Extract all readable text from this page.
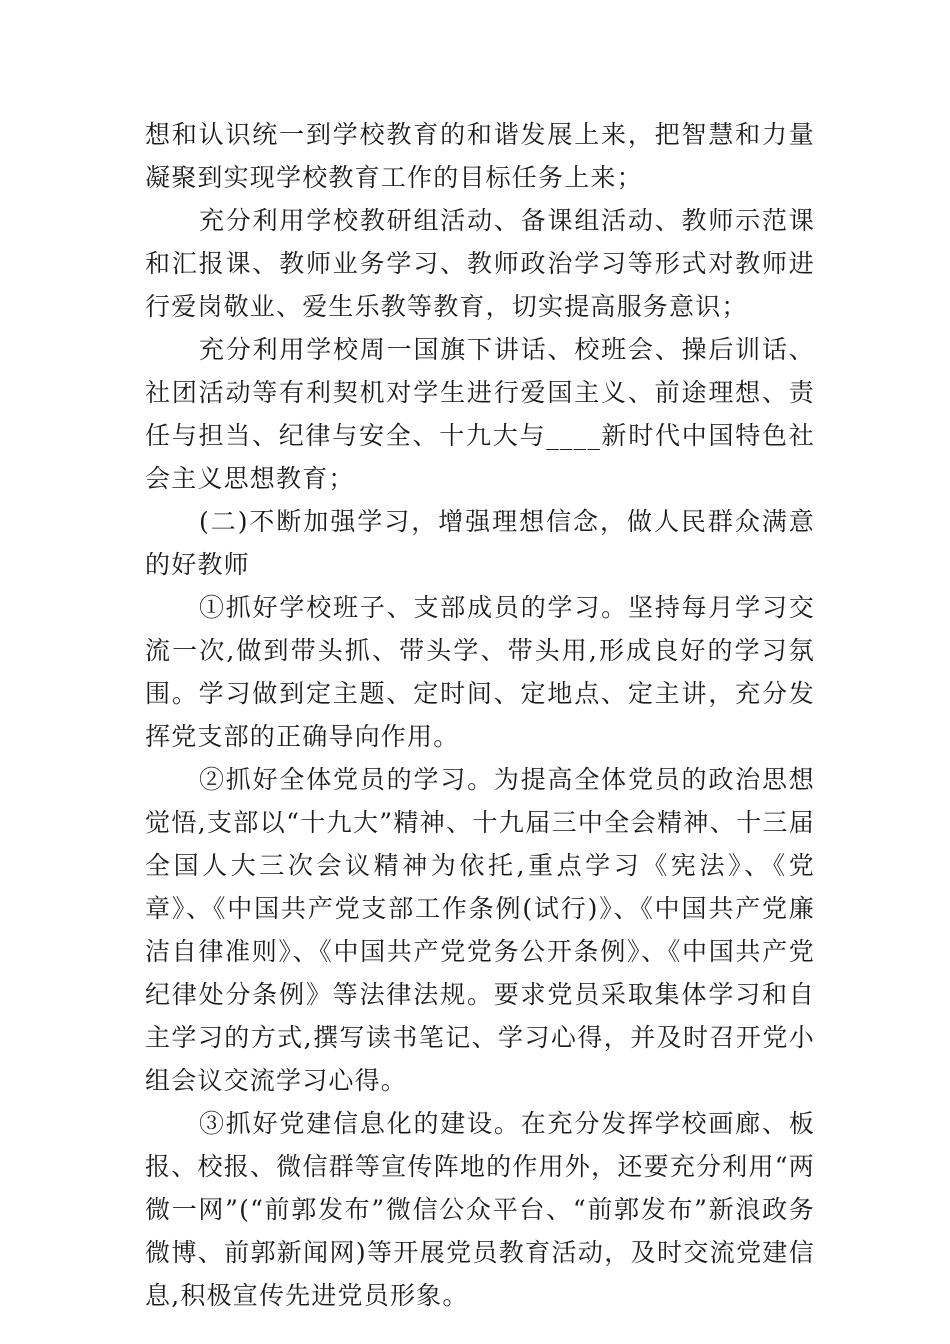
想和认识统一到学校教育的和谐发展上来，把智慧和力量凝聚到实现学校教育工作的目标任务上来；

充分利用学校教研组活动、备课组活动、教师示范课和汇报课、教师业务学习、教师政治学习等形式对教师进行爱岗敬业、爱生乐教等教育，切实提高服务意识；

充分利用学校周一国旗下讲话、校班会、操后训话、社团活动等有利契机对学生进行爱国主义、前途理想、责任与担当、纪律与安全、十九大与____新时代中国特色社会主义思想教育；

(二)不断加强学习，增强理想信念，做人民群众满意的好教师

①抓好学校班子、支部成员的学习。坚持每月学习交流一次,做到带头抓、带头学、带头用,形成良好的学习氛围。学习做到定主题、定时间、定地点、定主讲，充分发挥党支部的正确导向作用。

②抓好全体党员的学习。为提高全体党员的政治思想觉悟,支部以“十九大”精神、十九届三中全会精神、十三届全国人大三次会议精神为依托,重点学习《宪法》、《党章》、《中国共产党支部工作条例(试行)》、《中国共产党廉洁自律准则》、《中国共产党党务公开条例》、《中国共产党纪律处分条例》等法律法规。要求党员采取集体学习和自主学习的方式,撰写读书笔记、学习心得，并及时召开党小组会议交流学习心得。

③抓好党建信息化的建设。在充分发挥学校画廊、板报、校报、微信群等宣传阵地的作用外，还要充分利用“两微一网”(“前郭发布”微信公众平台、“前郭发布”新浪政务微博、前郭新闻网)等开展党员教育活动，及时交流党建信息,积极宣传先进党员形象。
